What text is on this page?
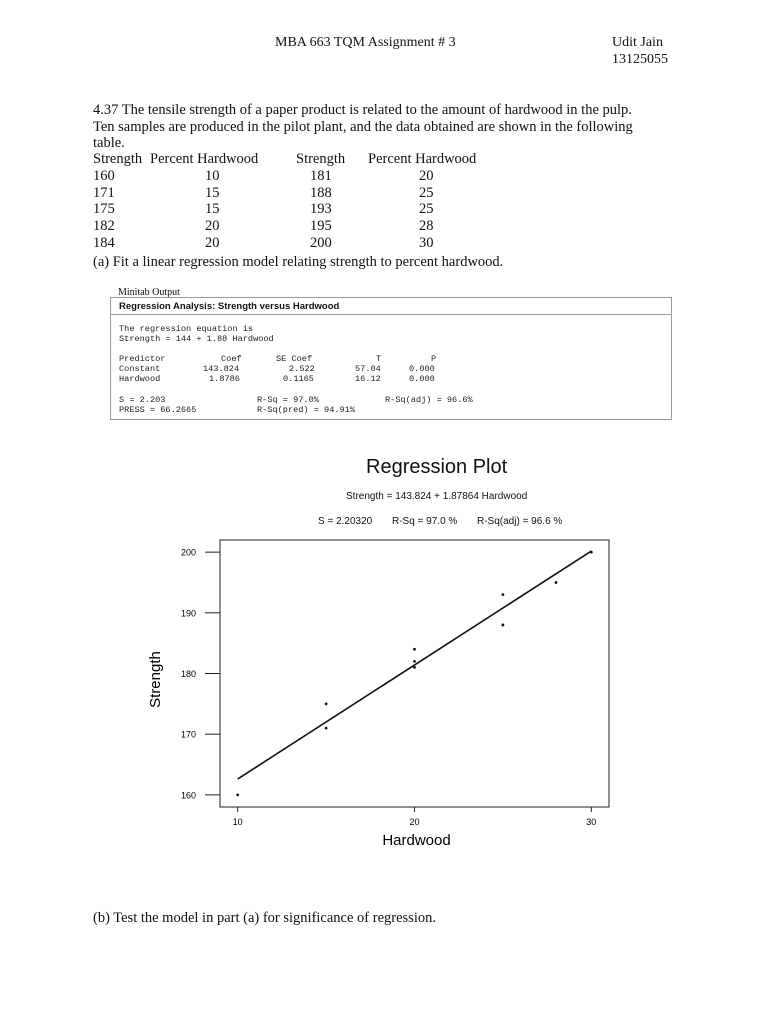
MBA 663 TQM Assignment # 3	Udit Jain
13125055
4.37 The tensile strength of a paper product is related to the amount of hardwood in the pulp.
Ten samples are produced in the pilot plant, and the data obtained are shown in the following
table.
Strength Percent Hardwood	Strength Percent Hardwood
160	10	181	20
171	15	188	25
175	15	193	25
182	20	195	28
184	20	200	30
(a) Fit a linear regression model relating strength to percent hardwood.
Minitab Output
Regression Analysis: Strength versus Hardwood
The regression equation is
Strength = 144 + 1.88 Hardwood
Predictor	Coef	SE Coef	T	P
Constant	143.824	2.522	57.04	0.000
Hardwood	1.8786	0.1165	16.12	0.000
S = 2.203	R-Sq = 97.0%	R-Sq(adj) = 96.6%
PRESS = 66.2665	R-Sq(pred) = 94.91%
Regression Plot
Strength = 143.824 + 1.87864 Hardwood
S = 2.20320 R-Sq = 97.0 % R-Sq(adj) = 96.6 %
160
170
180
190
200
10	20	30
Hardwood
Strength
(b) Test the model in part (a) for significance of regression.
